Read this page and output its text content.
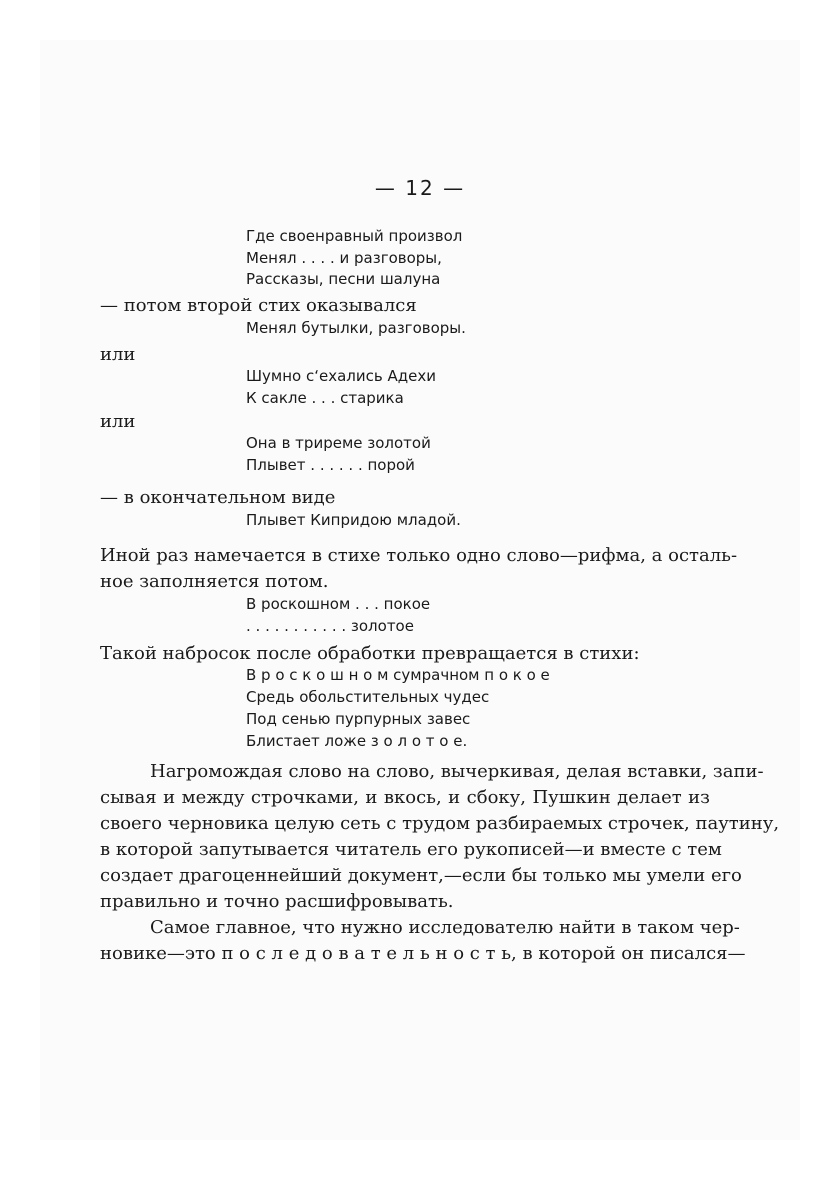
— 12 —
Где своенравный произвол
Менял . . . . и разговоры,
Рассказы, песни шалуна
— потом второй стих оказывался
Менял бутылки, разговоры.
или
Шумно с‘ехались Адехи
К сакле . . . старика
или
Она в триреме золотой
Плывет . . . . . . порой
— в окончательном виде
Плывет Кипридою младой.
Иной раз намечается в стихе только одно слово—рифма, а осталь-
ное заполняется потом.
В роскошном . . . покое
. . . . . . . . . . . золотое
Такой набросок после обработки превращается в стихи:
В р о с к о ш н о м сумрачном п о к о е
Средь обольстительных чудес
Под сенью пурпурных завес
Блистает ложе з о л о т о е.
Нагромождая слово на слово, вычеркивая, делая вставки, запи-
сывая и между строчками, и вкось, и сбоку, Пушкин делает из
своего черновика целую сеть с трудом разбираемых строчек, паутину,
в которой запутывается читатель его рукописей—и вместе с тем
создает драгоценнейший документ,—если бы только мы умели его
правильно и точно расшифровывать.
Самое главное, что нужно исследователю найти в таком чер-
новике—это п о с л е д о в а т е л ь н о с т ь, в которой он писался—
